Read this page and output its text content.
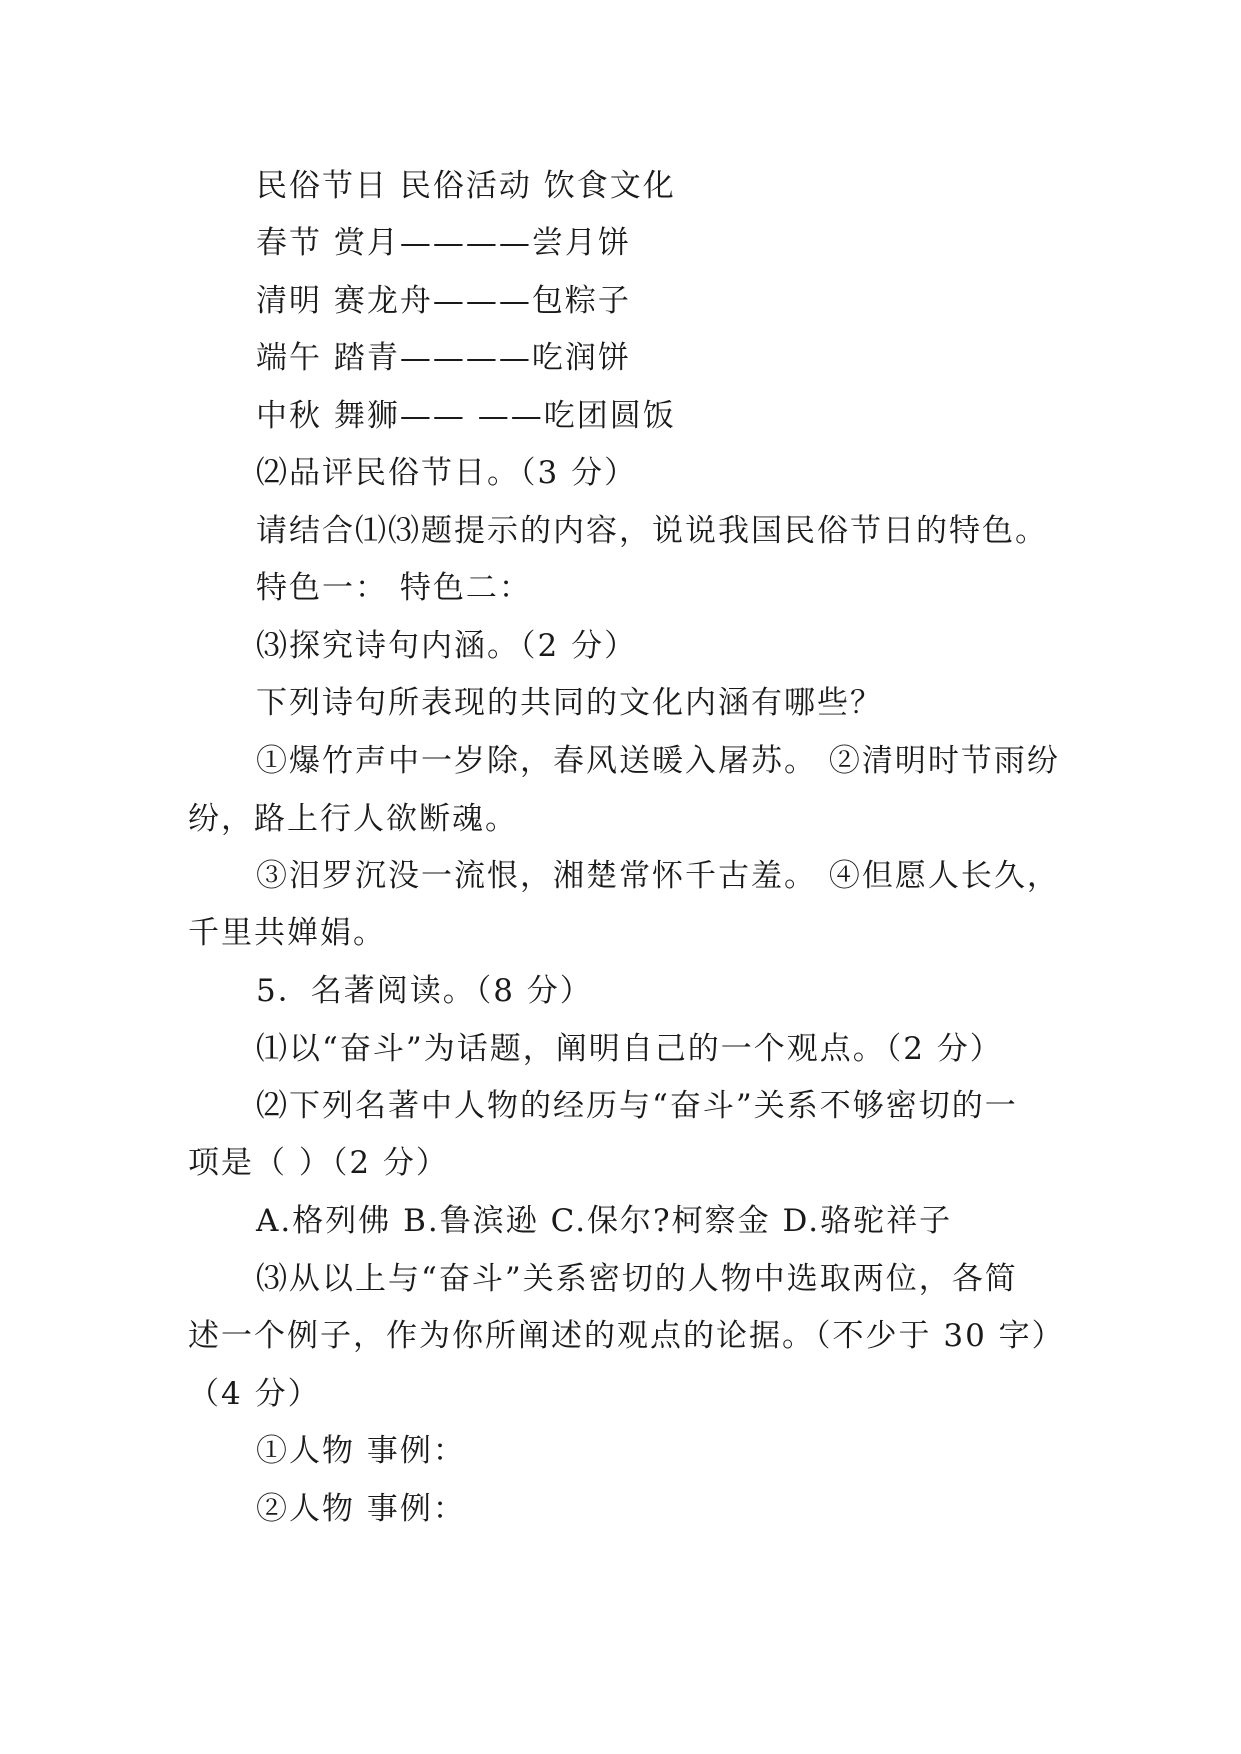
民俗节日 民俗活动 饮食文化
春节 赏月————尝月饼
清明 赛龙舟———包粽子
端午 踏青————吃润饼
中秋 舞狮—— ——吃团圆饭
⑵品评民俗节日。（3 分）
请结合⑴⑶题提示的内容，说说我国民俗节日的特色。
特色一： 特色二：
⑶探究诗句内涵。（2 分）
下列诗句所表现的共同的文化内涵有哪些？
①爆竹声中一岁除，春风送暖入屠苏。 ②清明时节雨纷
纷，路上行人欲断魂。
③汨罗沉没一流恨，湘楚常怀千古羞。 ④但愿人长久，
千里共婵娟。
5．名著阅读。（8 分）
⑴以“奋斗”为话题，阐明自己的一个观点。（2 分）
⑵下列名著中人物的经历与“奋斗”关系不够密切的一
项是（ ）（2 分）
A.格列佛 B.鲁滨逊 C.保尔?柯察金 D.骆驼祥子
⑶从以上与“奋斗”关系密切的人物中选取两位，各简
述一个例子，作为你所阐述的观点的论据。（不少于 30 字）
（4 分）
①人物 事例：
②人物 事例：
